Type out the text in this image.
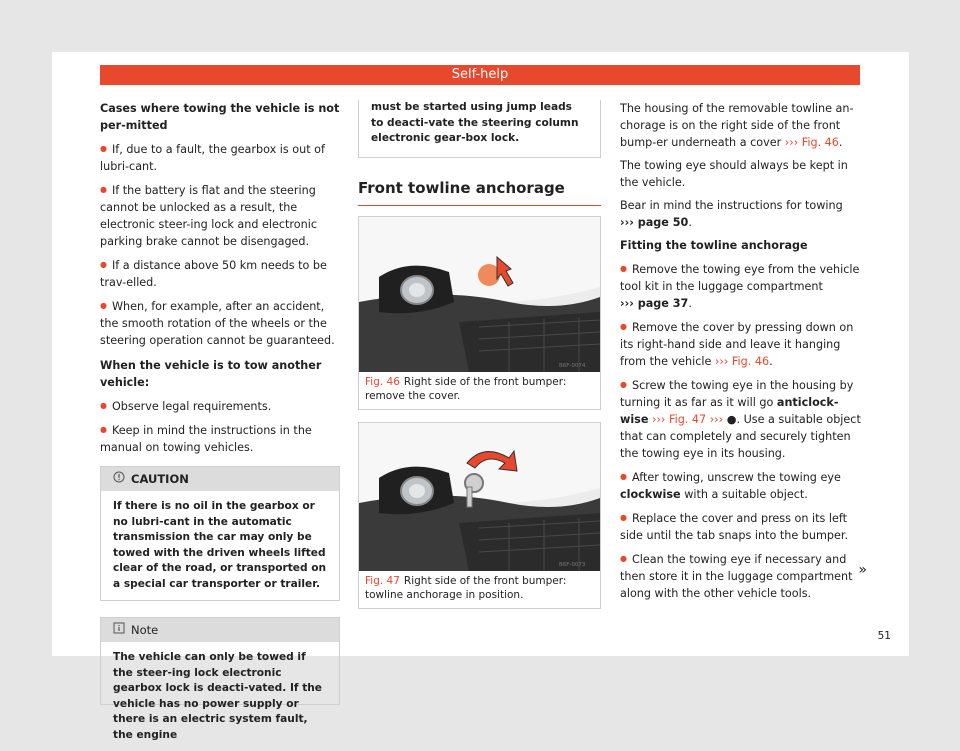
Self-help

Cases where towing the vehicle is not per-mitted

● If, due to a fault, the gearbox is out of lubri-cant.

● If the battery is flat and the steering cannot be unlocked as a result, the electronic steer-ing lock and electronic parking brake cannot be disengaged.

● If a distance above 50 km needs to be trav-elled.

● When, for example, after an accident, the smooth rotation of the wheels or the steering operation cannot be guaranteed.

When the vehicle is to tow another vehicle:

● Observe legal requirements.

● Keep in mind the instructions in the manual on towing vehicles.

CAUTION
If there is no oil in the gearbox or no lubri-cant in the automatic transmission the car may only be towed with the driven wheels lifted clear of the road, or transported on a special car transporter or trailer.
Note
The vehicle can only be towed if the steer-ing lock electronic gearbox lock is deacti-vated. If the vehicle has no power supply or there is an electric system fault, the engine
must be started using jump leads to deacti-vate the steering column electronic gear-box lock.
Front towline anchorage
B6F-0074
Fig. 46 Right side of the front bumper: remove the cover.
B6F-0073
Fig. 47 Right side of the front bumper: towline anchorage in position.

The housing of the removable towline an-chorage is on the right side of the front bump-er underneath a cover ››› Fig. 46.

The towing eye should always be kept in the vehicle.

Bear in mind the instructions for towing
››› page 50.

Fitting the towline anchorage

● Remove the towing eye from the vehicle tool kit in the luggage compartment
››› page 37.

● Remove the cover by pressing down on its right-hand side and leave it hanging from the vehicle ››› Fig. 46.

● Screw the towing eye in the housing by turning it as far as it will go anticlock-wise ››› Fig. 47 ››› ●. Use a suitable object that can completely and securely tighten the towing eye in its housing.

● After towing, unscrew the towing eye clockwise with a suitable object.

● Replace the cover and press on its left side until the tab snaps into the bumper.

● Clean the towing eye if necessary and then store it in the luggage compartment along with the other vehicle tools.

»
51
